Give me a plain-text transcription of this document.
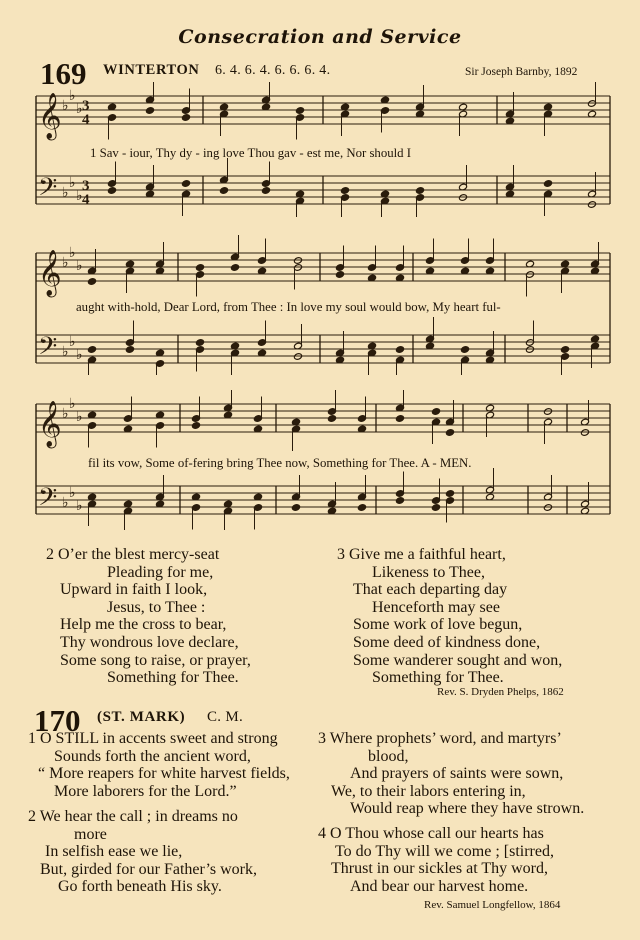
Consecration and Service
169 WINTERTON 6. 4. 6. 4. 6. 6. 6. 4.	Sir Joseph Barnby, 1892
𝄞
𝄢
♭
♭
♭
♭
♭
♭
3
4
3
4
1 Sav - iour, Thy dy - ing love Thou gav - est me, Nor should I
𝄞
𝄢
♭
♭
♭
♭
♭
♭
aught with-hold, Dear Lord, from Thee : In love my soul would bow, My heart ful-
𝄞
𝄢
♭
♭
♭
♭
♭
♭
fil its vow, Some of-fering bring Thee now, Something for Thee. A - MEN.
2 O’er the blest mercy-seat
Pleading for me,
Upward in faith I look,
Jesus, to Thee :
Help me the cross to bear,
Thy wondrous love declare,
Some song to raise, or prayer,
Something for Thee.
3 Give me a faithful heart,
Likeness to Thee,
That each departing day
Henceforth may see
Some work of love begun,
Some deed of kindness done,
Some wanderer sought and won,
Something for Thee.
Rev. S. Dryden Phelps, 1862
170 (ST. MARK) C. M.
1 O STILL in accents sweet and strong
Sounds forth the ancient word,
“ More reapers for white harvest fields,
More laborers for the Lord.”
2 We hear the call ; in dreams no
more
In selfish ease we lie,
But, girded for our Father’s work,
Go forth beneath His sky.
3 Where prophets’ word, and martyrs’
blood,
And prayers of saints were sown,
We, to their labors entering in,
Would reap where they have strown.
4 O Thou whose call our hearts has
To do Thy will we come ; [stirred,
Thrust in our sickles at Thy word,
And bear our harvest home.
Rev. Samuel Longfellow, 1864
